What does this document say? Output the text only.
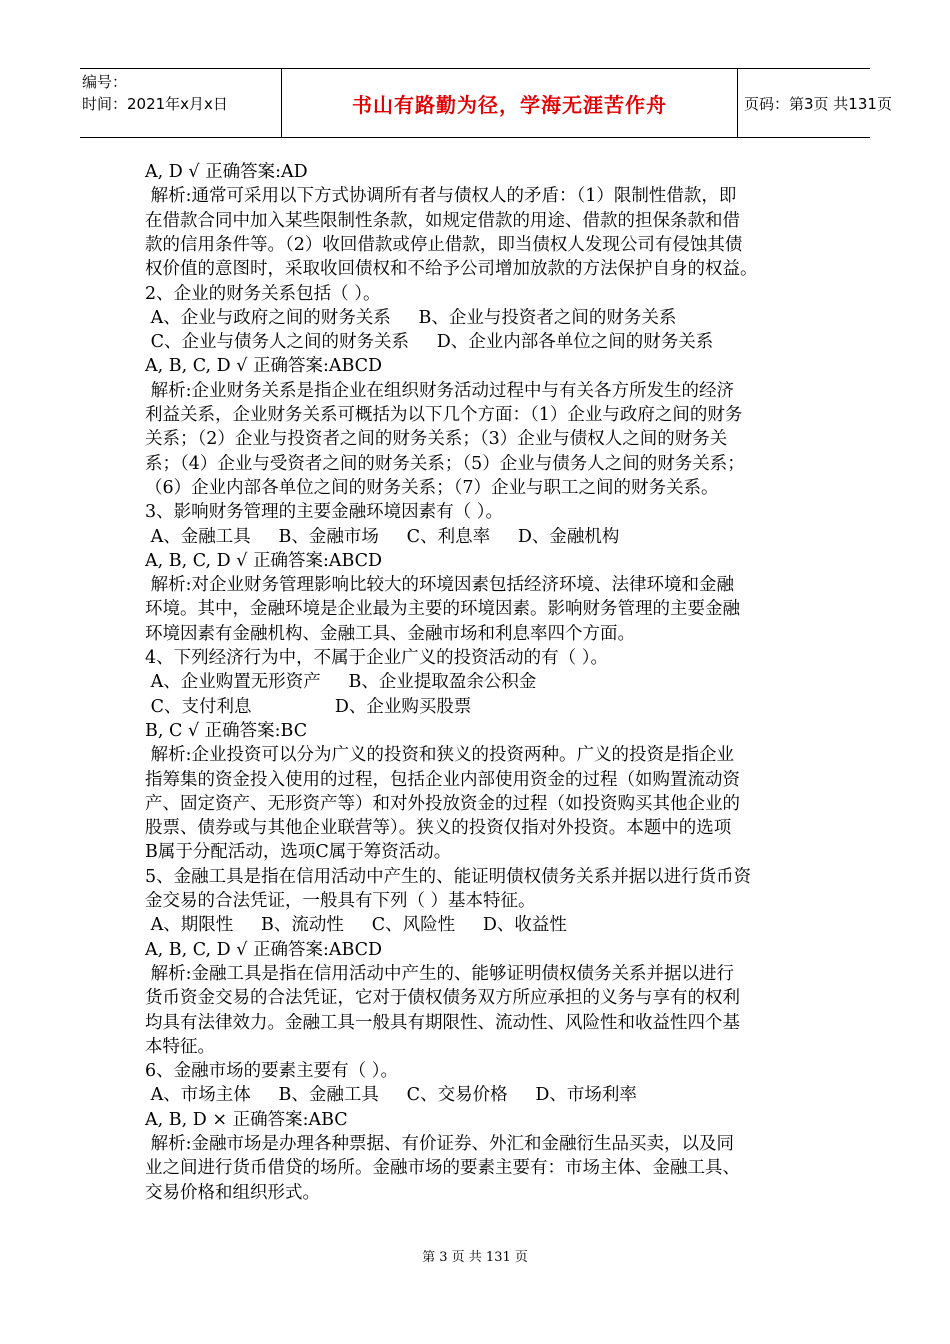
编号：
时间：2021年x月x日	书山有路勤为径，学海无涯苦作舟	页码：第3页 共131页
A, D √ 正确答案:AD
解析:通常可采用以下方式协调所有者与债权人的矛盾：（1）限制性借款，即
在借款合同中加入某些限制性条款，如规定借款的用途、借款的担保条款和借
款的信用条件等。（2）收回借款或停止借款，即当债权人发现公司有侵蚀其债
权价值的意图时，采取收回债权和不给予公司增加放款的方法保护自身的权益。
2、企业的财务关系包括（ ）。
A、企业与政府之间的财务关系     B、企业与投资者之间的财务关系
C、企业与债务人之间的财务关系     D、企业内部各单位之间的财务关系
A, B, C, D √ 正确答案:ABCD
解析:企业财务关系是指企业在组织财务活动过程中与有关各方所发生的经济
利益关系，企业财务关系可概括为以下几个方面：（1）企业与政府之间的财务
关系；（2）企业与投资者之间的财务关系；（3）企业与债权人之间的财务关
系；（4）企业与受资者之间的财务关系；（5）企业与债务人之间的财务关系；
（6）企业内部各单位之间的财务关系；（7）企业与职工之间的财务关系。
3、影响财务管理的主要金融环境因素有（ ）。
A、金融工具     B、金融市场     C、利息率     D、金融机构
A, B, C, D √ 正确答案:ABCD
解析:对企业财务管理影响比较大的环境因素包括经济环境、法律环境和金融
环境。其中，金融环境是企业最为主要的环境因素。影响财务管理的主要金融
环境因素有金融机构、金融工具、金融市场和利息率四个方面。
4、下列经济行为中，不属于企业广义的投资活动的有（ ）。
A、企业购置无形资产     B、企业提取盈余公积金
C、支付利息               D、企业购买股票
B, C √ 正确答案:BC
解析:企业投资可以分为广义的投资和狭义的投资两种。广义的投资是指企业
指筹集的资金投入使用的过程，包括企业内部使用资金的过程（如购置流动资
产、固定资产、无形资产等）和对外投放资金的过程（如投资购买其他企业的
股票、债券或与其他企业联营等）。狭义的投资仅指对外投资。本题中的选项
B属于分配活动，选项C属于筹资活动。
5、金融工具是指在信用活动中产生的、能证明债权债务关系并据以进行货币资
金交易的合法凭证，一般具有下列（ ）基本特征。
A、期限性     B、流动性     C、风险性     D、收益性
A, B, C, D √ 正确答案:ABCD
解析:金融工具是指在信用活动中产生的、能够证明债权债务关系并据以进行
货币资金交易的合法凭证，它对于债权债务双方所应承担的义务与享有的权利
均具有法律效力。金融工具一般具有期限性、流动性、风险性和收益性四个基
本特征。
6、金融市场的要素主要有（ ）。
A、市场主体     B、金融工具     C、交易价格     D、市场利率
A, B, D × 正确答案:ABC
解析:金融市场是办理各种票据、有价证券、外汇和金融衍生品买卖，以及同
业之间进行货币借贷的场所。金融市场的要素主要有：市场主体、金融工具、
交易价格和组织形式。
第 3 页 共 131 页
